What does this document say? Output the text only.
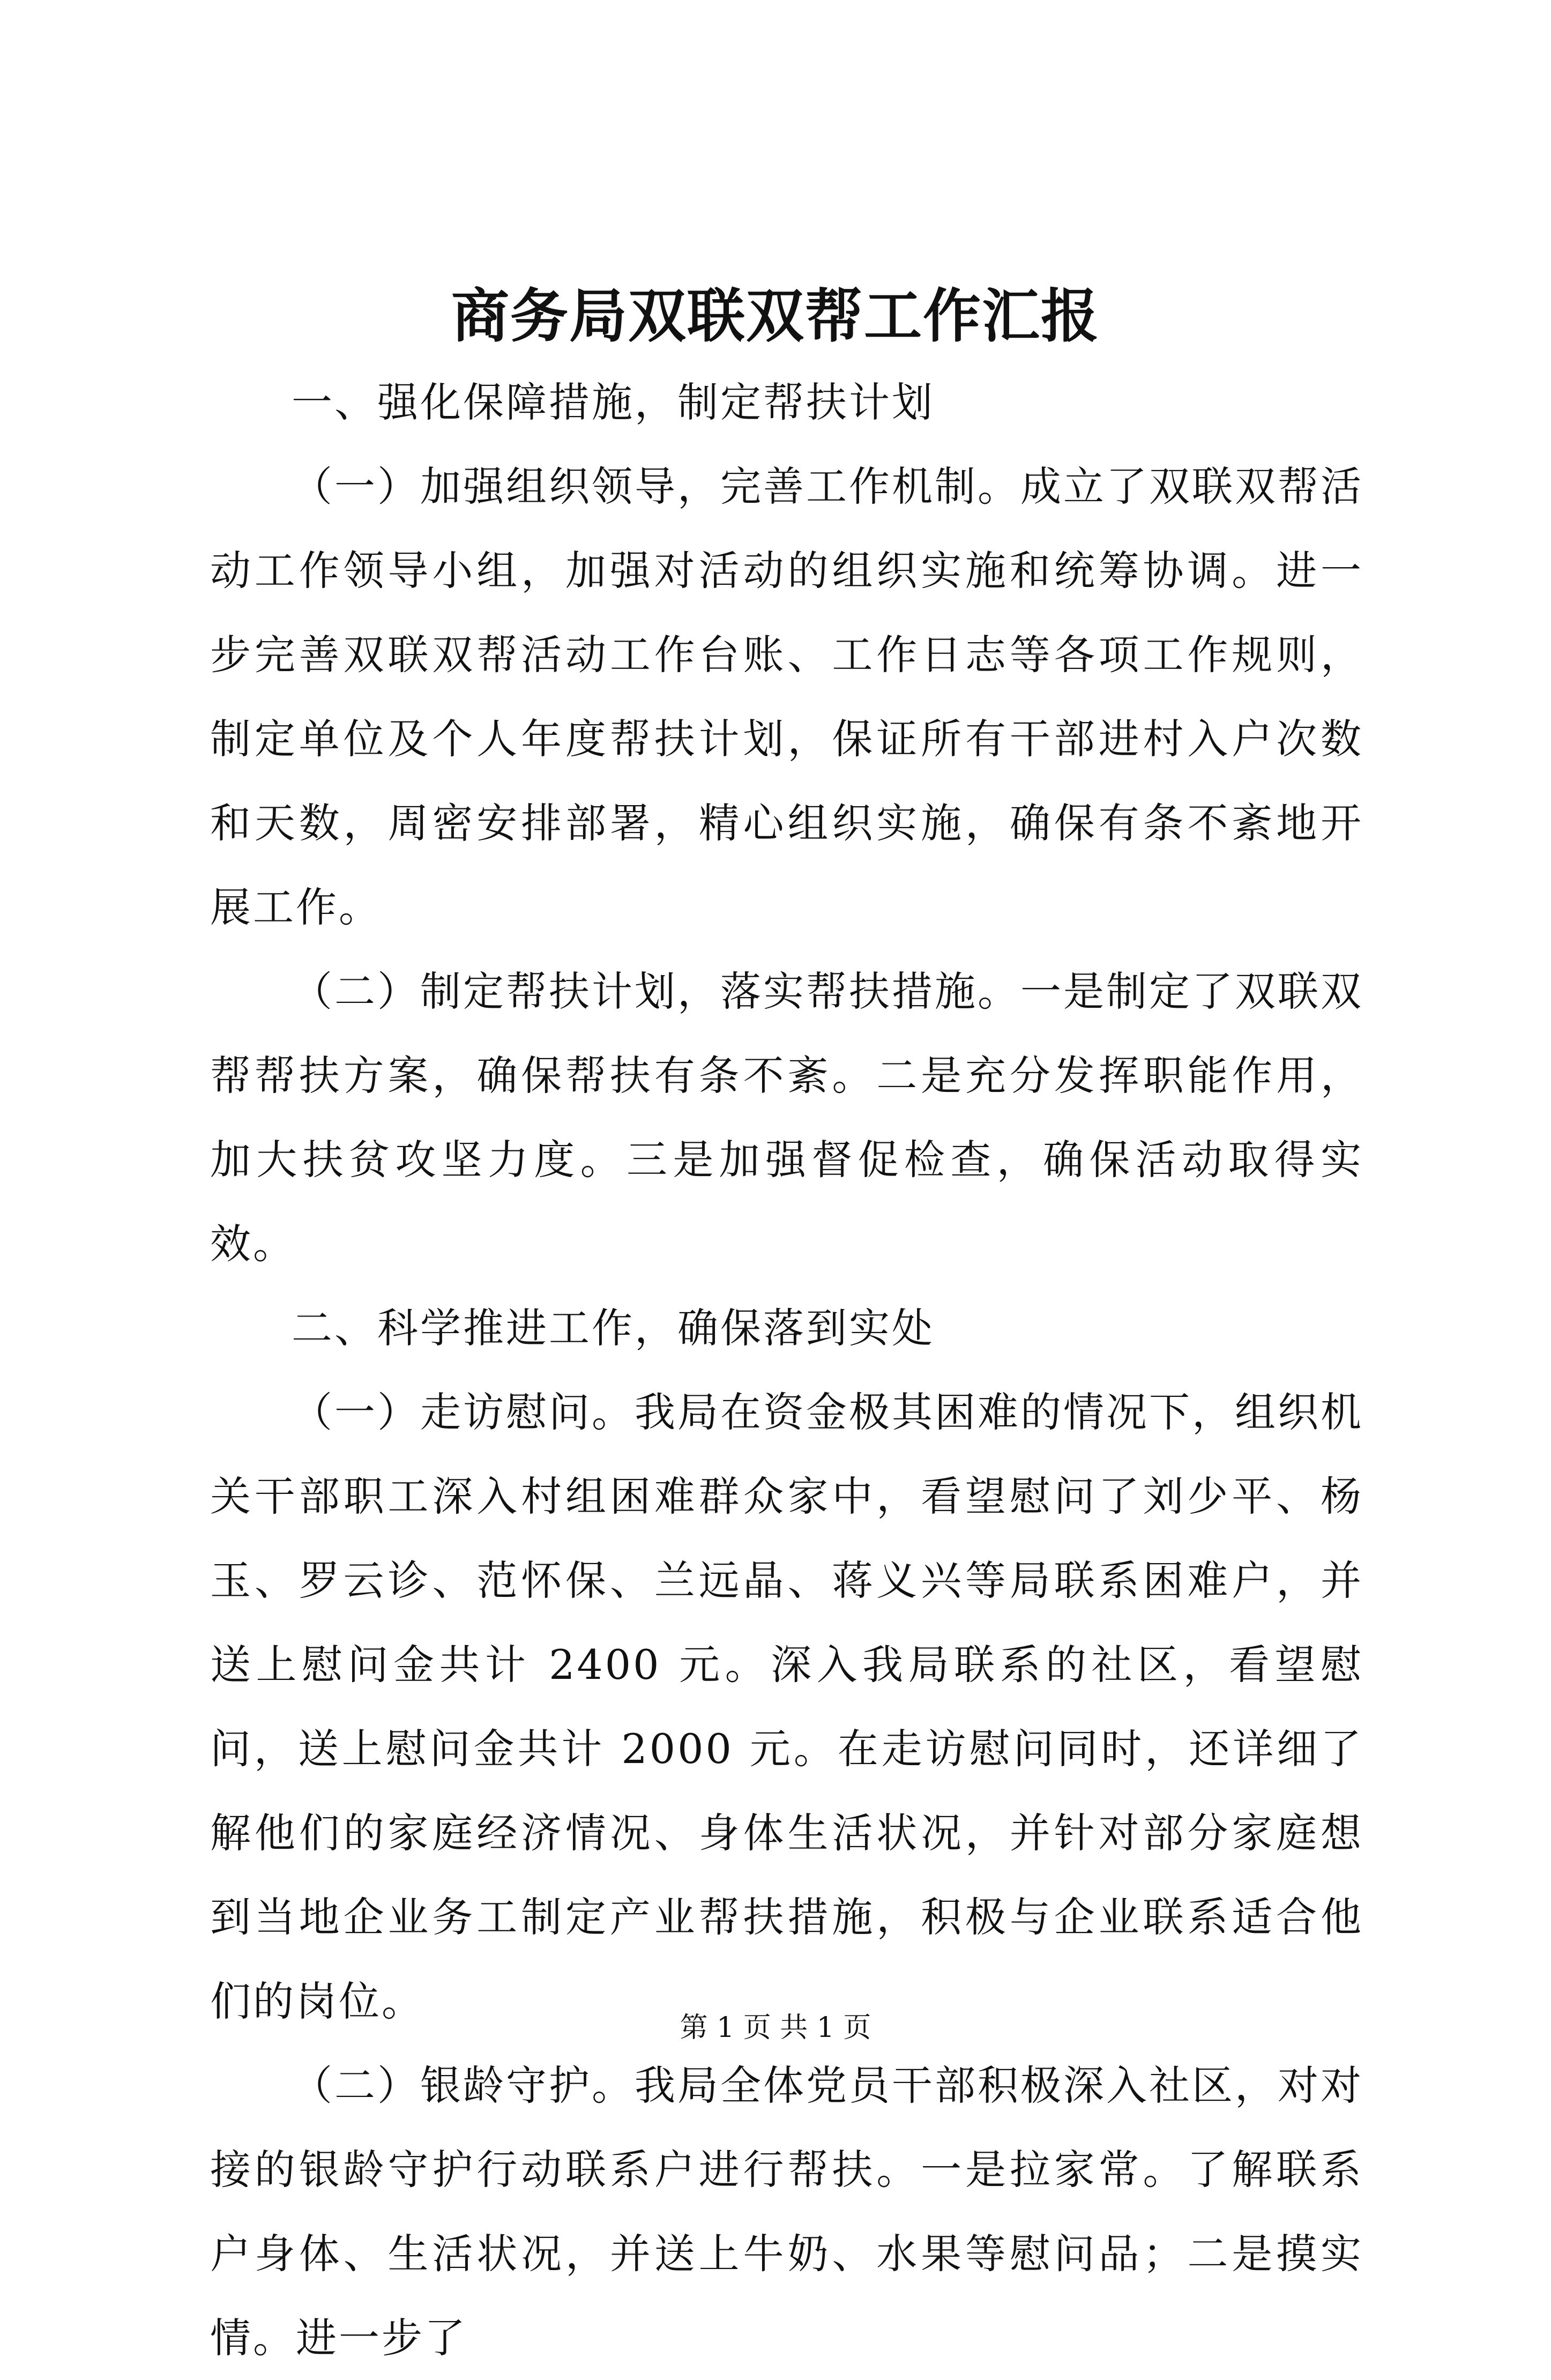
商务局双联双帮工作汇报

一、强化保障措施，制定帮扶计划

（一）加强组织领导，完善工作机制。成立了双联双帮活动工作领导小组，加强对活动的组织实施和统筹协调。进一步完善双联双帮活动工作台账、工作日志等各项工作规则，制定单位及个人年度帮扶计划，保证所有干部进村入户次数和天数，周密安排部署，精心组织实施，确保有条不紊地开展工作。

（二）制定帮扶计划，落实帮扶措施。一是制定了双联双帮帮扶方案，确保帮扶有条不紊。二是充分发挥职能作用，加大扶贫攻坚力度。三是加强督促检查，确保活动取得实效。

二、科学推进工作，确保落到实处

（一）走访慰问。我局在资金极其困难的情况下，组织机关干部职工深入村组困难群众家中，看望慰问了刘少平、杨玉、罗云诊、范怀保、兰远晶、蒋义兴等局联系困难户，并送上慰问金共计 2400 元。深入我局联系的社区，看望慰问，送上慰问金共计 2000 元。在走访慰问同时，还详细了解他们的家庭经济情况、身体生活状况，并针对部分家庭想到当地企业务工制定产业帮扶措施，积极与企业联系适合他们的岗位。

（二）银龄守护。我局全体党员干部积极深入社区，对对接的银龄守护行动联系户进行帮扶。一是拉家常。了解联系户身体、生活状况，并送上牛奶、水果等慰问品；二是摸实情。进一步了

第 1 页 共 1 页
